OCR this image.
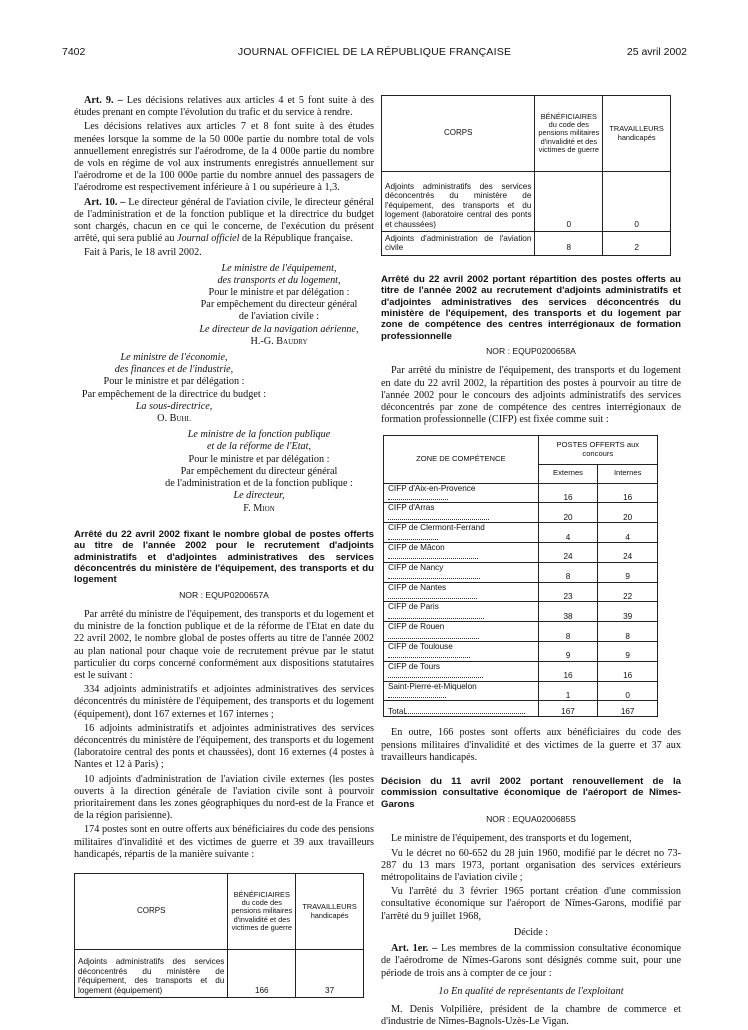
7402	JOURNAL OFFICIEL DE LA RÉPUBLIQUE FRANÇAISE	25 avril 2002

Art. 9. – Les décisions relatives aux articles 4 et 5 font suite à des études prenant en compte l'évolution du trafic et du service à rendre.

Les décisions relatives aux articles 7 et 8 font suite à des études menées lorsque la somme de la 50 000e partie du nombre total de vols annuellement enregistrés sur l'aérodrome, de la 4 000e partie du nombre de vols en régime de vol aux instruments enregistrés annuellement sur l'aérodrome et de la 100 000e partie du nombre annuel des passagers de l'aérodrome est respectivement inférieure à 1 ou supérieure à 1,3.

Art. 10. – Le directeur général de l'aviation civile, le directeur général de l'administration et de la fonction publique et la directrice du budget sont chargés, chacun en ce qui le concerne, de l'exécution du présent arrêté, qui sera publié au Journal officiel de la République française.

Fait à Paris, le 18 avril 2002.

Le ministre de l'équipement,
des transports et du logement,
Pour le ministre et par délégation :
Par empêchement du directeur général
de l'aviation civile :
Le directeur de la navigation aérienne,
H.-G. Baudry
Le ministre de l'économie,
des finances et de l'industrie,
Pour le ministre et par délégation :
Par empêchement de la directrice du budget :
La sous-directrice,
O. Buhl
Le ministre de la fonction publique
et de la réforme de l'Etat,
Pour le ministre et par délégation :
Par empêchement du directeur général
de l'administration et de la fonction publique :
Le directeur,
F. Mion
Arrêté du 22 avril 2002 fixant le nombre global de postes offerts au titre de l'année 2002 pour le recrutement d'adjoints administratifs et d'adjointes administratives des services déconcentrés du ministère de l'équipement, des transports et du logement
NOR : EQUP0200657A

Par arrêté du ministre de l'équipement, des transports et du logement et du ministre de la fonction publique et de la réforme de l'Etat en date du 22 avril 2002, le nombre global de postes offerts au titre de l'année 2002 au plan national pour chaque voie de recrutement prévue par le statut particulier du corps concerné conformément aux dispositions statutaires est le suivant :

334 adjoints administratifs et adjointes administratives des services déconcentrés du ministère de l'équipement, des transports et du logement (équipement), dont 167 externes et 167 internes ;

16 adjoints administratifs et adjointes administratives des services déconcentrés du ministère de l'équipement, des transports et du logement (laboratoire central des ponts et chaussées), dont 16 externes (4 postes à Nantes et 12 à Paris) ;

10 adjoints d'administration de l'aviation civile externes (les postes ouverts à la direction générale de l'aviation civile sont à pourvoir prioritairement dans les zones géographiques du nord-est de la France et de la région parisienne).

174 postes sont en outre offerts aux bénéficiaires du code des pensions militaires d'invalidité et des victimes de guerre et 39 aux travailleurs handicapés, répartis de la manière suivante :

CORPS	BÉNÉFICIAIRES du code des pensions militaires d'invalidité et des victimes de guerre	TRAVAILLEURS handicapés
Adjoints administratifs des services déconcentrés du ministère de l'équipement, des transports et du logement (équipement)	166	37
CORPS	BÉNÉFICIAIRES du code des pensions militaires d'invalidité et des victimes de guerre	TRAVAILLEURS handicapés
Adjoints administratifs des services déconcentrés du ministère de l'équipement, des transports et du logement (laboratoire central des ponts et chaussées)	0	0
Adjoints d'administration de l'aviation civile	8	2
Arrêté du 22 avril 2002 portant répartition des postes offerts au titre de l'année 2002 au recrutement d'adjoints administratifs et d'adjointes administratives des services déconcentrés du ministère de l'équipement, des transports et du logement par zone de compétence des centres interrégionaux de formation professionnelle
NOR : EQUP0200658A

Par arrêté du ministre de l'équipement, des transports et du logement en date du 22 avril 2002, la répartition des postes à pourvoir au titre de l'année 2002 pour le concours des adjoints administratifs des services déconcentrés par zone de compétence des centres interrégionaux de formation professionnelle (CIFP) est fixée comme suit :

ZONE DE COMPÉTENCE	POSTES OFFERTS aux concours	
	Externes	Internes
CIFP d'Aix-en-Provence	16	16
CIFP d'Arras	20	20
CIFP de Clermont-Ferrand	4	4
CIFP de Mâcon	24	24
CIFP de Nancy	8	9
CIFP de Nantes	23	22
CIFP de Paris	38	39
CIFP de Rouen	8	8
CIFP de Toulouse	9	9
CIFP de Tours	16	16
Saint-Pierre-et-Miquelon	1	0
Total	167	167

En outre, 166 postes sont offerts aux bénéficiaires du code des pensions militaires d'invalidité et des victimes de la guerre et 37 aux travailleurs handicapés.

Décision du 11 avril 2002 portant renouvellement de la commission consultative économique de l'aéroport de Nîmes-Garons
NOR : EQUA0200685S

Le ministre de l'équipement, des transports et du logement,

Vu le décret no 60-652 du 28 juin 1960, modifié par le décret no 73-287 du 13 mars 1973, portant organisation des services extérieurs métropolitains de l'aviation civile ;

Vu l'arrêté du 3 février 1965 portant création d'une commission consultative économique sur l'aéroport de Nîmes-Garons, modifié par l'arrêté du 9 juillet 1968,

Décide :

Art. 1er. – Les membres de la commission consultative économique de l'aérodrome de Nîmes-Garons sont désignés comme suit, pour une période de trois ans à compter de ce jour :

1o En qualité de représentants de l'exploitant

M. Denis Volpilière, président de la chambre de commerce et d'industrie de Nîmes-Bagnols-Uzès-Le Vigan.
